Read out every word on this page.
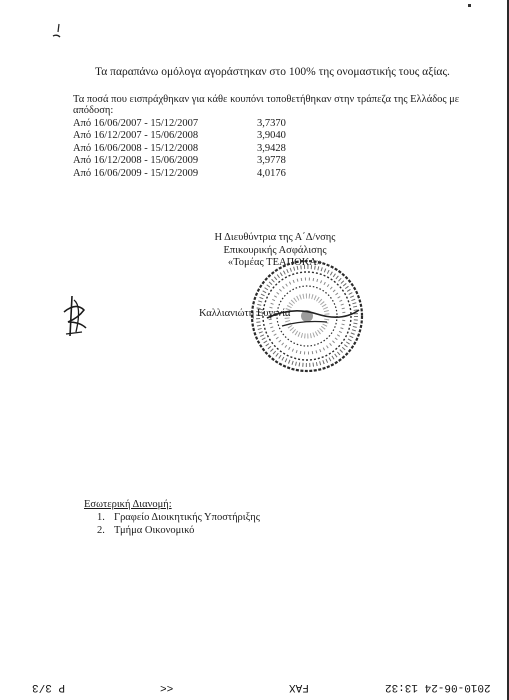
Τα παραπάνω ομόλογα αγοράστηκαν στο 100% της ονομαστικής τους αξίας.
Τα ποσά που εισπράχθηκαν για κάθε κουπόνι τοποθετήθηκαν στην τράπεζα της Ελλάδος με απόδοση:
Από 16/06/2007 - 15/12/2007	3,7370
Από 16/12/2007 - 15/06/2008	3,9040
Από 16/06/2008 - 15/12/2008	3,9428
Από 16/12/2008 - 15/06/2009	3,9778
Από 16/06/2009 - 15/12/2009	4,0176
Η Διευθύντρια της Α΄Δ/νσης
Επικουρικής Ασφάλισης
«Τομέας ΤΕΑΠΟΚΑ»
Καλλιανιώτη Ευγενία
Εσωτερική Διανομή:
1. Γραφείο Διοικητικής Υποστήριξης
2. Τμήμα Οικονομικό
P 3/3	<<	FAX	2010-06-24 13:32
